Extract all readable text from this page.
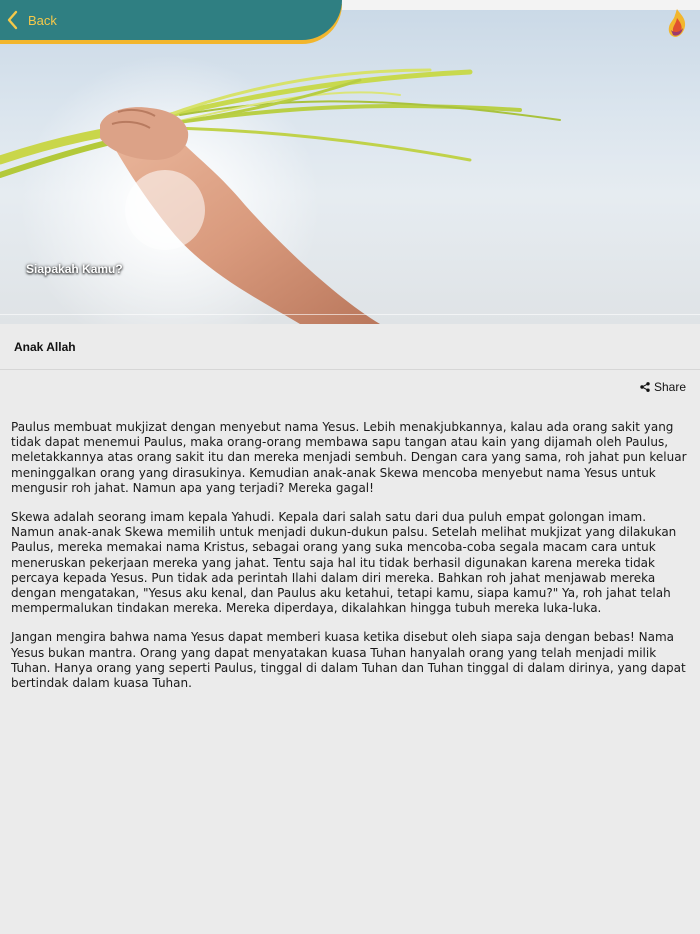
Siapakah Kamu?
Back
Anak Allah
Share

Paulus membuat mukjizat dengan menyebut nama Yesus. Lebih menakjubkannya, kalau ada orang sakit yang tidak dapat menemui Paulus, maka orang-orang membawa sapu tangan atau kain yang dijamah oleh Paulus, meletakkannya atas orang sakit itu dan mereka menjadi sembuh. Dengan cara yang sama, roh jahat pun keluar meninggalkan orang yang dirasukinya. Kemudian anak-anak Skewa mencoba menyebut nama Yesus untuk mengusir roh jahat. Namun apa yang terjadi? Mereka gagal!

Skewa adalah seorang imam kepala Yahudi. Kepala dari salah satu dari dua puluh empat golongan imam. Namun anak-anak Skewa memilih untuk menjadi dukun-dukun palsu. Setelah melihat mukjizat yang dilakukan Paulus, mereka memakai nama Kristus, sebagai orang yang suka mencoba-coba segala macam cara untuk meneruskan pekerjaan mereka yang jahat. Tentu saja hal itu tidak berhasil digunakan karena mereka tidak percaya kepada Yesus. Pun tidak ada perintah Ilahi dalam diri mereka. Bahkan roh jahat menjawab mereka dengan mengatakan, "Yesus aku kenal, dan Paulus aku ketahui, tetapi kamu, siapa kamu?" Ya, roh jahat telah mempermalukan tindakan mereka. Mereka diperdaya, dikalahkan hingga tubuh mereka luka-luka.

Jangan mengira bahwa nama Yesus dapat memberi kuasa ketika disebut oleh siapa saja dengan bebas! Nama Yesus bukan mantra. Orang yang dapat menyatakan kuasa Tuhan hanyalah orang yang telah menjadi milik Tuhan. Hanya orang yang seperti Paulus, tinggal di dalam Tuhan dan Tuhan tinggal di dalam dirinya, yang dapat bertindak dalam kuasa Tuhan.
